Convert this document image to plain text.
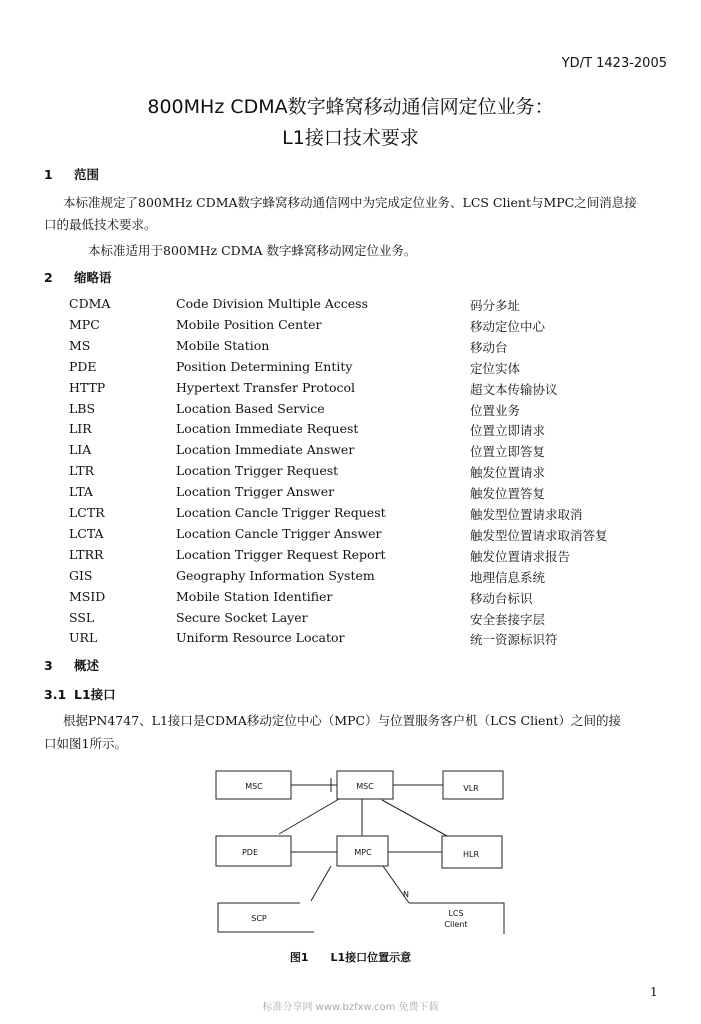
YD/T 1423-2005
800MHz CDMA数字蜂窝移动通信网定位业务：
L1接口技术要求
1 范围
本标准规定了800MHz CDMA数字蜂窝移动通信网中为完成定位业务、LCS Client与MPC之间消息接
口的最低技术要求。
本标准适用于800MHz CDMA 数字蜂窝移动网定位业务。
2 缩略语
CDMA	Code Division Multiple Access	码分多址
MPC	Mobile Position Center	移动定位中心
MS	Mobile Station	移动台
PDE	Position Determining Entity	定位实体
HTTP	Hypertext Transfer Protocol	超文本传输协议
LBS	Location Based Service	位置业务
LIR	Location Immediate Request	位置立即请求
LIA	Location Immediate Answer	位置立即答复
LTR	Location Trigger Request	触发位置请求
LTA	Location Trigger Answer	触发位置答复
LCTR	Location Cancle Trigger Request	触发型位置请求取消
LCTA	Location Cancle Trigger Answer	触发型位置请求取消答复
LTRR	Location Trigger Request Report	触发位置请求报告
GIS	Geography Information System	地理信息系统
MSID	Mobile Station Identifier	移动台标识
SSL	Secure Socket Layer	安全套接字层
URL	Uniform Resource Locator	统一资源标识符
3 概述
3.1 L1接口
根据PN4747、L1接口是CDMA移动定位中心（MPC）与位置服务客户机（LCS Client）之间的接
口如图1所示。
MSC	MSC	VLR
PDE	MPC	HLR
SCP
LCS
Client
N
图1　　L1接口位置示意
1
标准分享网 www.bzfxw.com 免费下载
